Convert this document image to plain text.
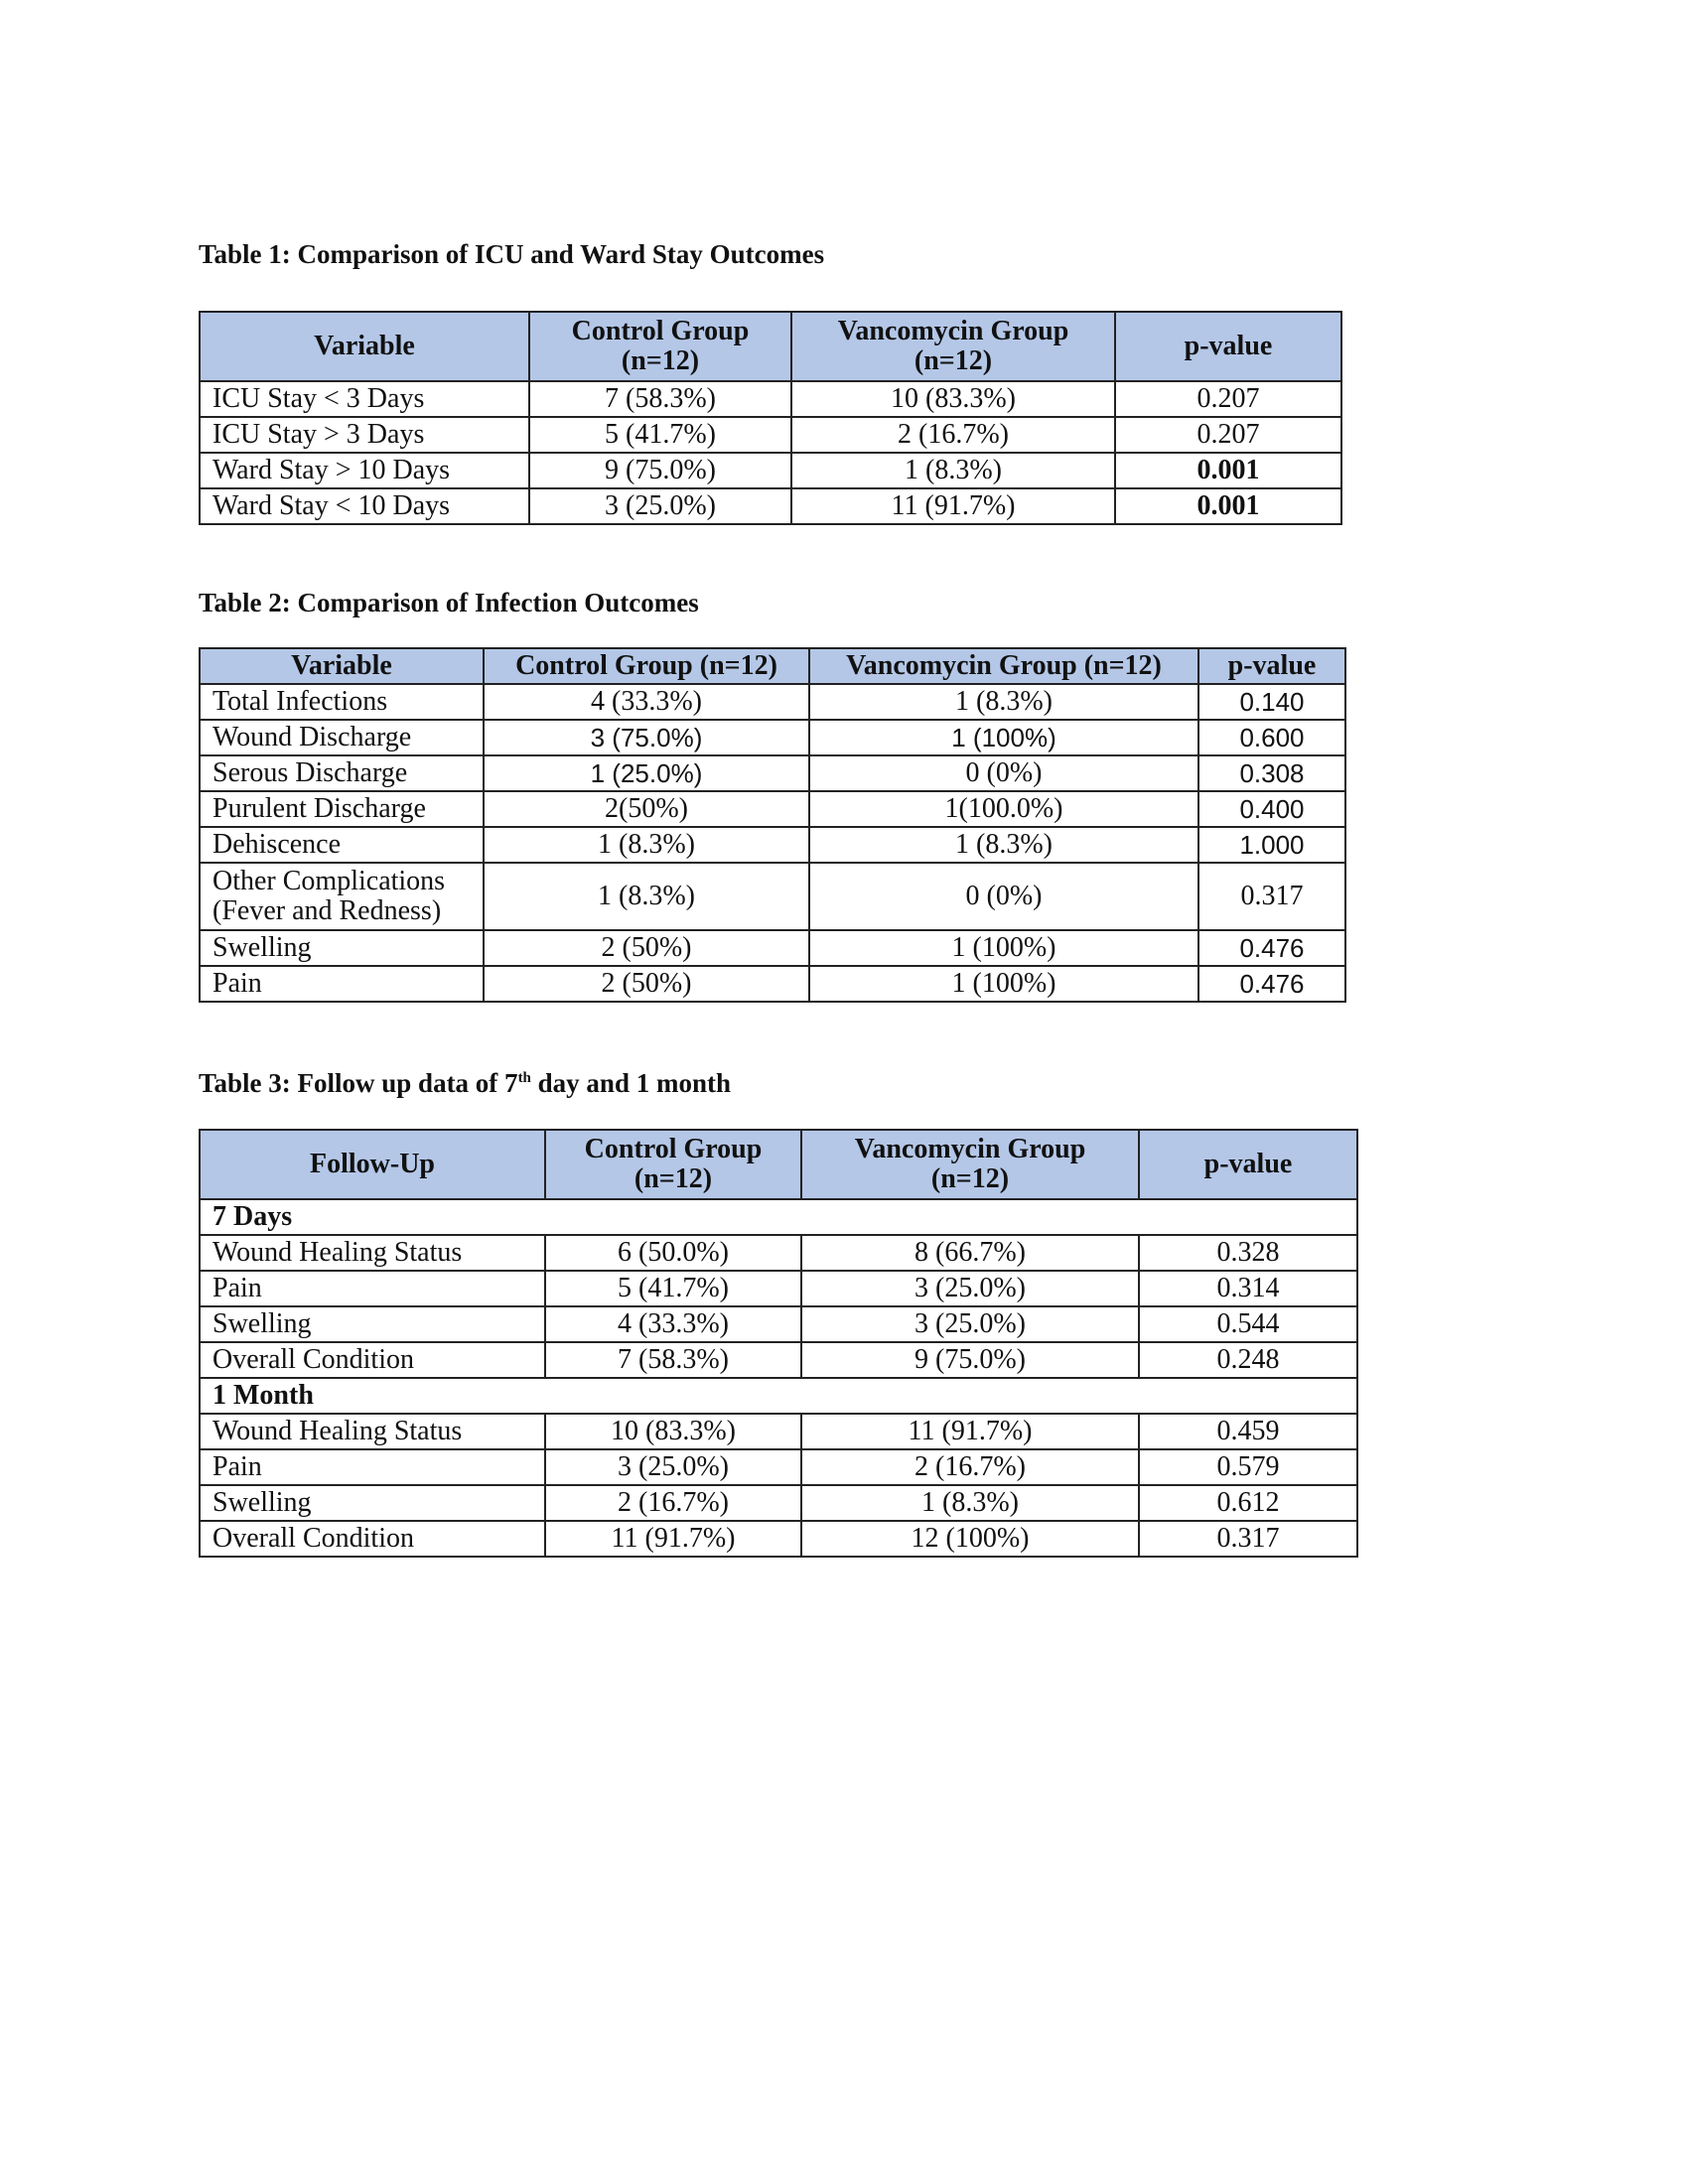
Table 1: Comparison of ICU and Ward Stay Outcomes
Variable	Control Group (n=12)	Vancomycin Group (n=12)	p-value
ICU Stay < 3 Days	7 (58.3%)	10 (83.3%)	0.207
ICU Stay > 3 Days	5 (41.7%)	2 (16.7%)	0.207
Ward Stay > 10 Days	9 (75.0%)	1 (8.3%)	0.001
Ward Stay < 10 Days	3 (25.0%)	11 (91.7%)	0.001
Table 2: Comparison of Infection Outcomes
Variable	Control Group (n=12)	Vancomycin Group (n=12)	p-value
Total Infections	4 (33.3%)	1 (8.3%)	0.140
Wound Discharge	3 (75.0%)	1 (100%)	0.600
Serous Discharge	1 (25.0%)	0 (0%)	0.308
Purulent Discharge	2(50%)	1(100.0%)	0.400
Dehiscence	1 (8.3%)	1 (8.3%)	1.000
Other Complications (Fever and Redness)	1 (8.3%)	0 (0%)	0.317
Swelling	2 (50%)	1 (100%)	0.476
Pain	2 (50%)	1 (100%)	0.476
Table 3: Follow up data of 7th day and 1 month
Follow-Up	Control Group (n=12)	Vancomycin Group (n=12)	p-value
7 Days			
Wound Healing Status	6 (50.0%)	8 (66.7%)	0.328
Pain	5 (41.7%)	3 (25.0%)	0.314
Swelling	4 (33.3%)	3 (25.0%)	0.544
Overall Condition	7 (58.3%)	9 (75.0%)	0.248
1 Month			
Wound Healing Status	10 (83.3%)	11 (91.7%)	0.459
Pain	3 (25.0%)	2 (16.7%)	0.579
Swelling	2 (16.7%)	1 (8.3%)	0.612
Overall Condition	11 (91.7%)	12 (100%)	0.317
